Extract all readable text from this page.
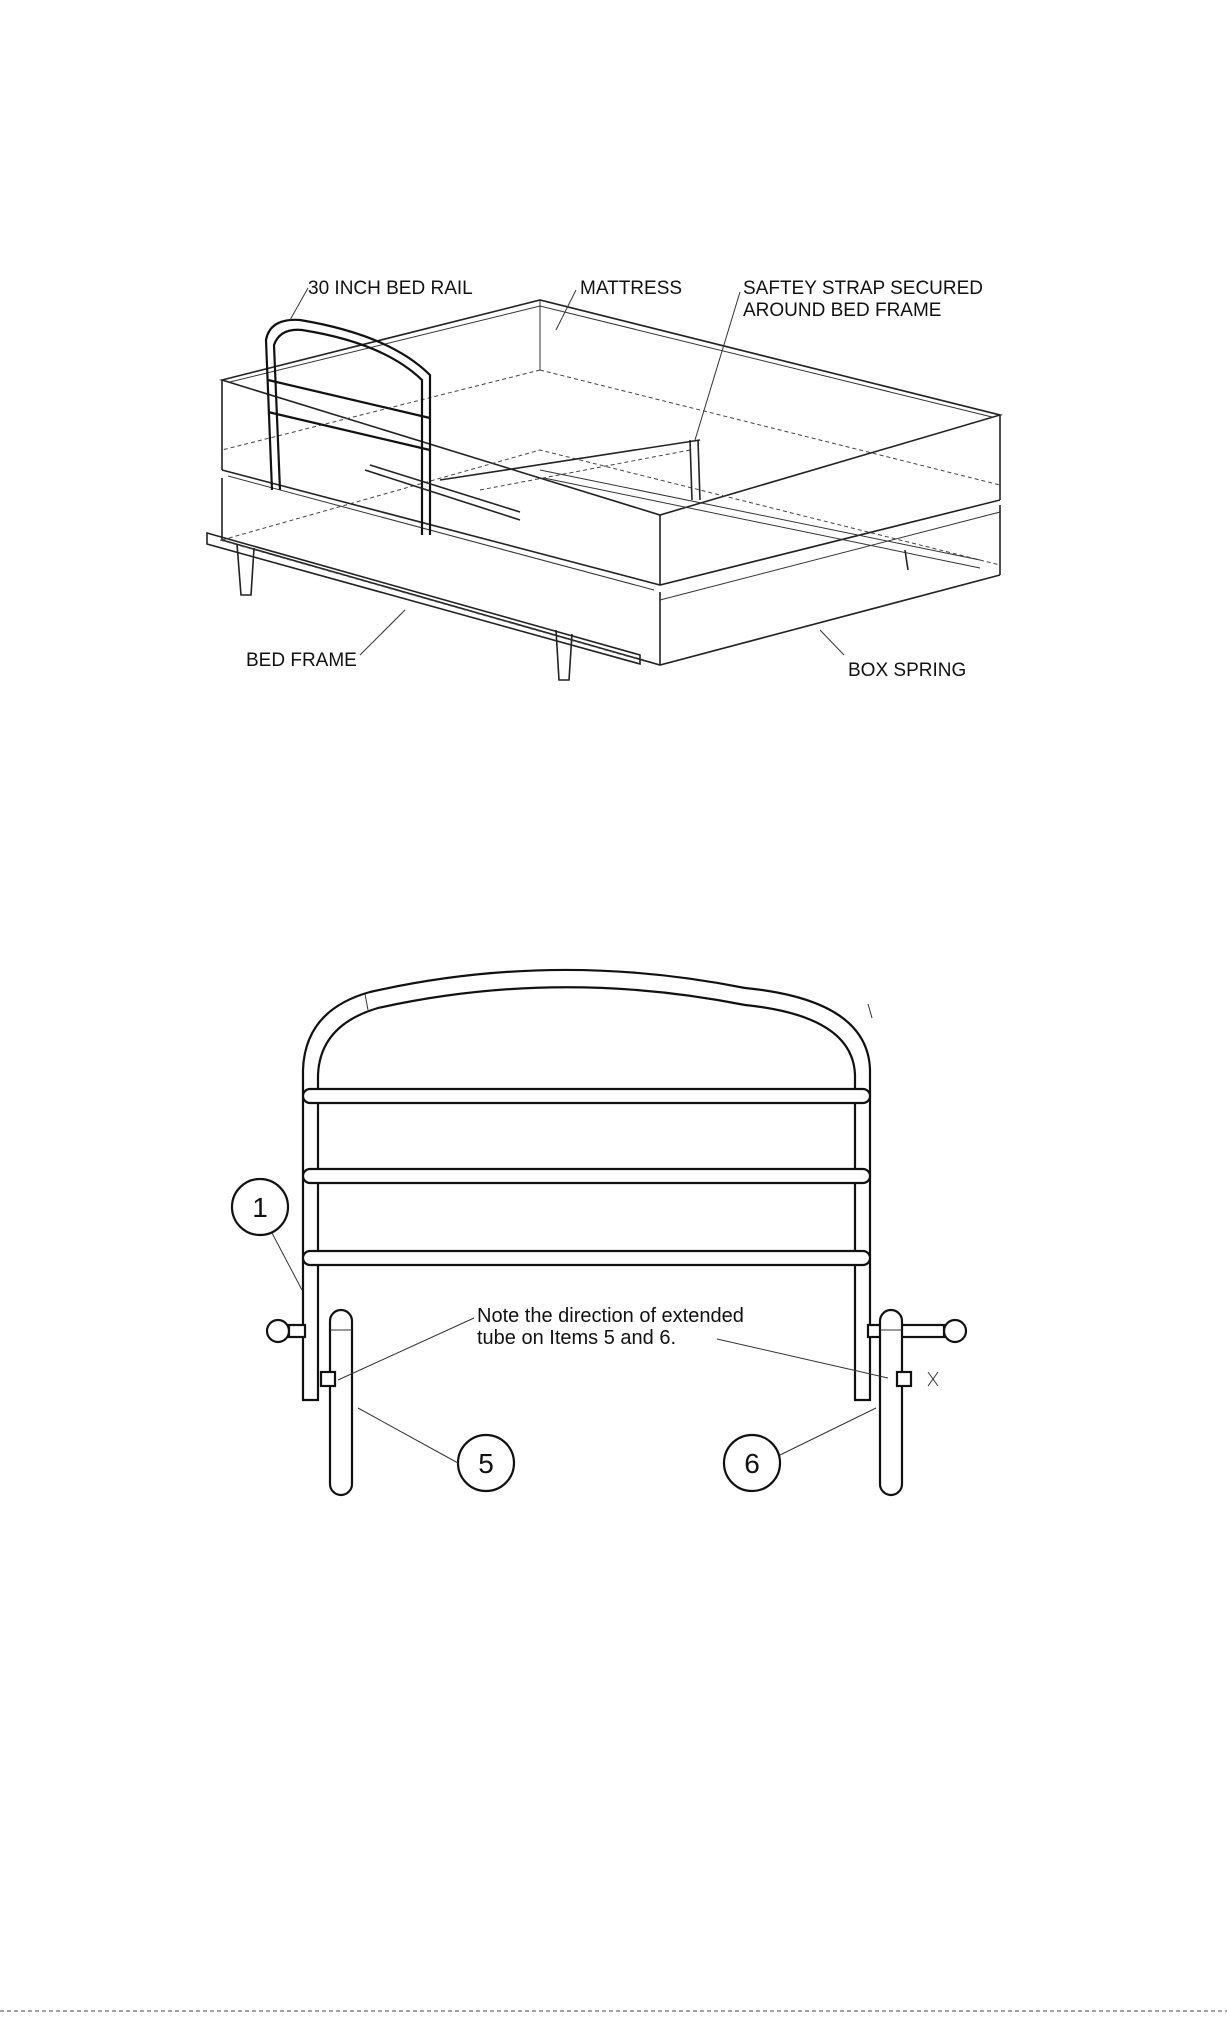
30 INCH BED RAIL	MATTRESS	SAFTEY STRAP SECURED
AROUND BED FRAME
BED FRAME	BOX SPRING
1
5	6
Note the direction of extended
tube on Items 5 and 6.
